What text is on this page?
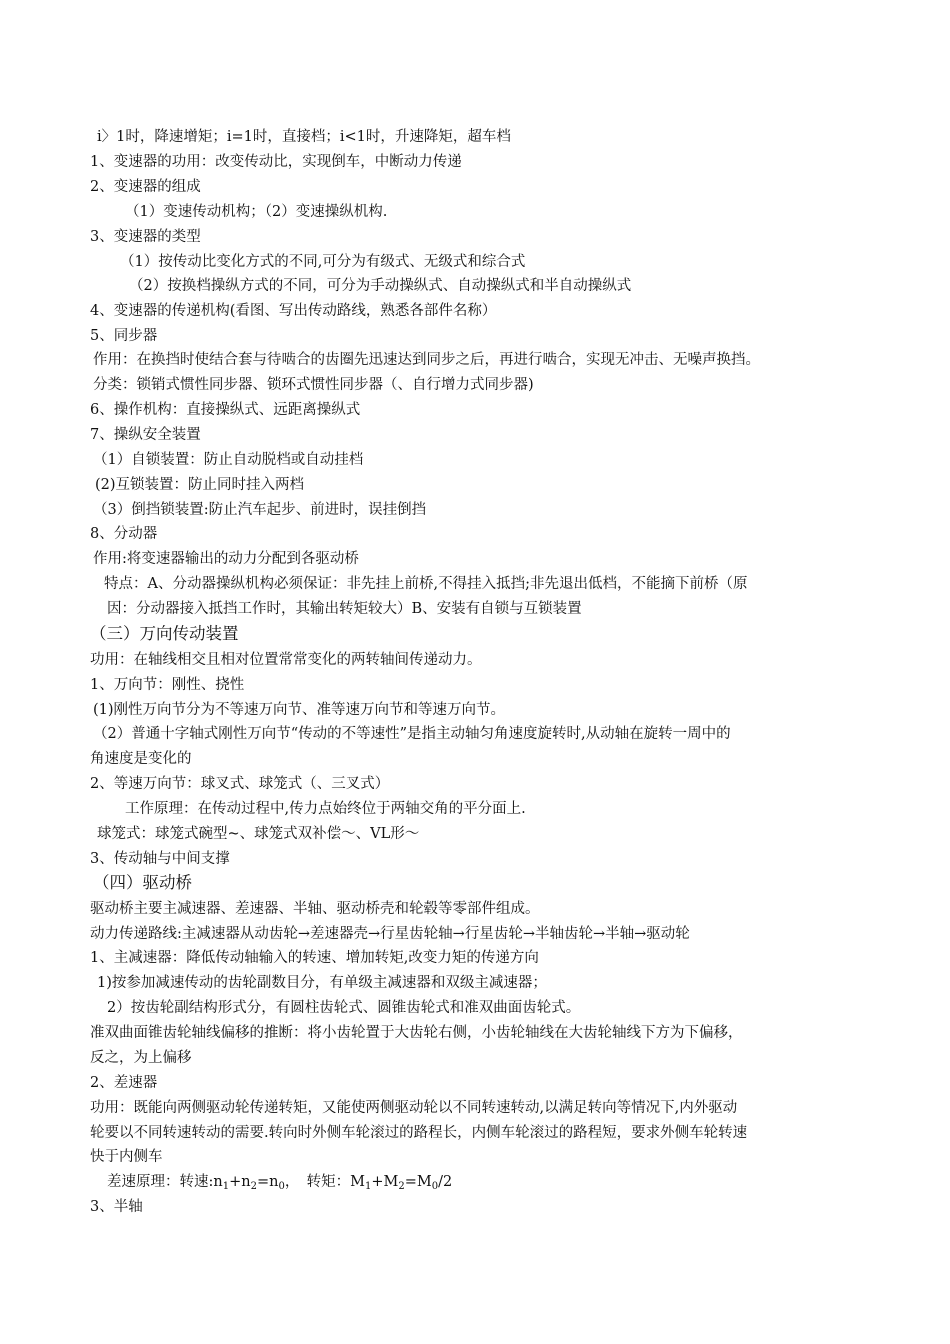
i〉1时，降速增矩；i=1时，直接档；i<1时，升速降矩，超车档
1、变速器的功用：改变传动比，实现倒车，中断动力传递
2、变速器的组成
（1）变速传动机构；（2）变速操纵机构.
3、变速器的类型
（1）按传动比变化方式的不同,可分为有级式、无级式和综合式
（2）按换档操纵方式的不同，可分为手动操纵式、自动操纵式和半自动操纵式
4、变速器的传递机构(看图、写出传动路线，熟悉各部件名称）
5、同步器
作用：在换挡时使结合套与待啮合的齿圈先迅速达到同步之后，再进行啮合，实现无冲击、无噪声换挡。
分类：锁销式惯性同步器、锁环式惯性同步器（、自行增力式同步器)
6、操作机构：直接操纵式、远距离操纵式
7、操纵安全装置
（1）自锁装置：防止自动脱档或自动挂档
(2)互锁装置：防止同时挂入两档
（3）倒挡锁装置:防止汽车起步、前进时，误挂倒挡
8、分动器
作用:将变速器输出的动力分配到各驱动桥
特点：A、分动器操纵机构必须保证：非先挂上前桥,不得挂入抵挡;非先退出低档，不能摘下前桥（原
因：分动器接入抵挡工作时，其输出转矩较大）B、安装有自锁与互锁装置
（三）万向传动装置
功用：在轴线相交且相对位置常常变化的两转轴间传递动力。
1、万向节：刚性、挠性
(1)刚性万向节分为不等速万向节、准等速万向节和等速万向节。
（2）普通十字轴式刚性万向节“传动的不等速性”是指主动轴匀角速度旋转时,从动轴在旋转一周中的
角速度是变化的
2、等速万向节：球叉式、球笼式（、三叉式）
工作原理：在传动过程中,传力点始终位于两轴交角的平分面上.
球笼式：球笼式碗型~、球笼式双补偿～、VL形～
3、传动轴与中间支撑
（四）驱动桥
驱动桥主要主减速器、差速器、半轴、驱动桥壳和轮毂等零部件组成。
动力传递路线:主减速器从动齿轮→差速器壳→行星齿轮轴→行星齿轮→半轴齿轮→半轴→驱动轮
1、主减速器：降低传动轴输入的转速、增加转矩,改变力矩的传递方向
1)按参加减速传动的齿轮副数目分，有单级主减速器和双级主减速器；
2）按齿轮副结构形式分，有圆柱齿轮式、圆锥齿轮式和准双曲面齿轮式。
准双曲面锥齿轮轴线偏移的推断：将小齿轮置于大齿轮右侧，小齿轮轴线在大齿轮轴线下方为下偏移，
反之，为上偏移
2、差速器
功用：既能向两侧驱动轮传递转矩，又能使两侧驱动轮以不同转速转动,以满足转向等情况下,内外驱动
轮要以不同转速转动的需要.转向时外侧车轮滚过的路程长，内侧车轮滚过的路程短，要求外侧车轮转速
快于内侧车
差速原理：转速$:n_1+n_2=n_0$，　转矩：$M_1+M_2=M_0/2$
3、半轴
